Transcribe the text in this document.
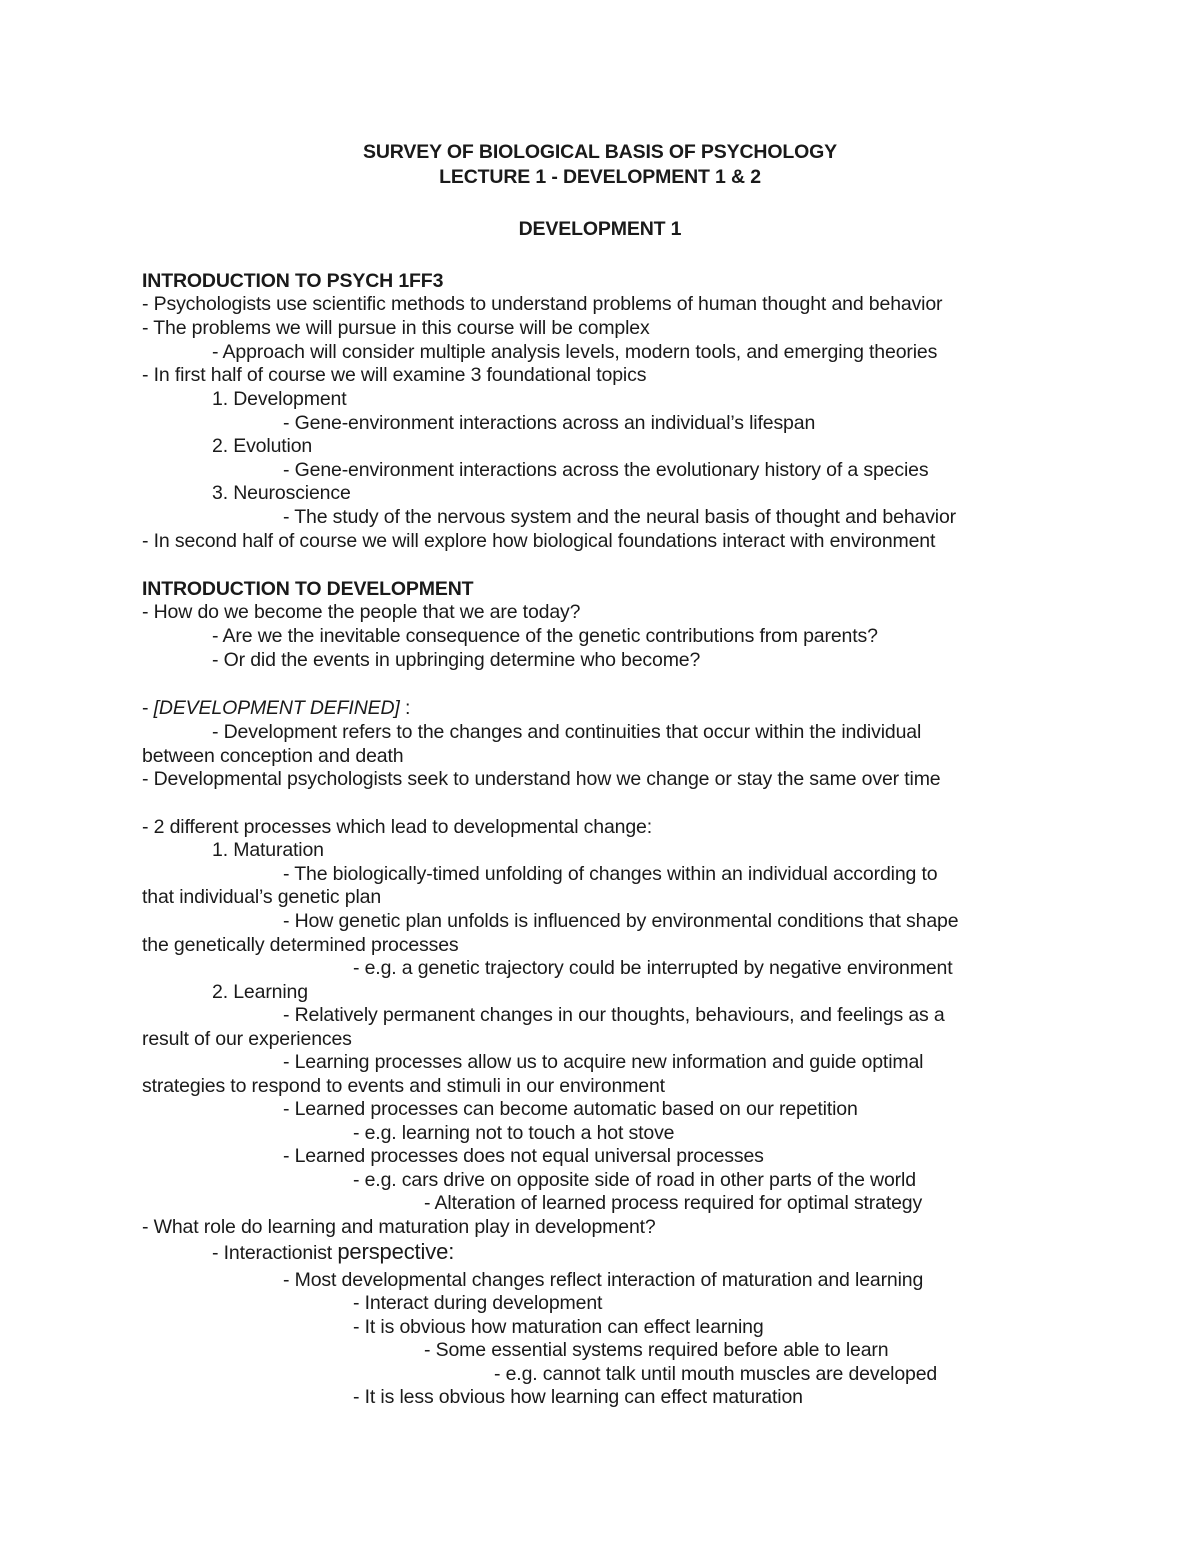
SURVEY OF BIOLOGICAL BASIS OF PSYCHOLOGY
LECTURE 1 - DEVELOPMENT 1 & 2
DEVELOPMENT 1
INTRODUCTION TO PSYCH 1FF3
- Psychologists use scientific methods to understand problems of human thought and behavior
- The problems we will pursue in this course will be complex
- Approach will consider multiple analysis levels, modern tools, and emerging theories
- In first half of course we will examine 3 foundational topics
1. Development
- Gene-environment interactions across an individual’s lifespan
2. Evolution
- Gene-environment interactions across the evolutionary history of a species
3. Neuroscience
- The study of the nervous system and the neural basis of thought and behavior
- In second half of course we will explore how biological foundations interact with environment
INTRODUCTION TO DEVELOPMENT
- How do we become the people that we are today?
- Are we the inevitable consequence of the genetic contributions from parents?
- Or did the events in upbringing determine who become?
- [DEVELOPMENT DEFINED] :
- Development refers to the changes and continuities that occur within the individual
between conception and death
- Developmental psychologists seek to understand how we change or stay the same over time
- 2 different processes which lead to developmental change:
1. Maturation
- The biologically-timed unfolding of changes within an individual according to
that individual’s genetic plan
- How genetic plan unfolds is influenced by environmental conditions that shape
the genetically determined processes
- e.g. a genetic trajectory could be interrupted by negative environment
2. Learning
- Relatively permanent changes in our thoughts, behaviours, and feelings as a
result of our experiences
- Learning processes allow us to acquire new information and guide optimal
strategies to respond to events and stimuli in our environment
- Learned processes can become automatic based on our repetition
- e.g. learning not to touch a hot stove
- Learned processes does not equal universal processes
- e.g. cars drive on opposite side of road in other parts of the world
- Alteration of learned process required for optimal strategy
- What role do learning and maturation play in development?
- Interactionist perspective:
- Most developmental changes reflect interaction of maturation and learning
- Interact during development
- It is obvious how maturation can effect learning
- Some essential systems required before able to learn
- e.g. cannot talk until mouth muscles are developed
- It is less obvious how learning can effect maturation
